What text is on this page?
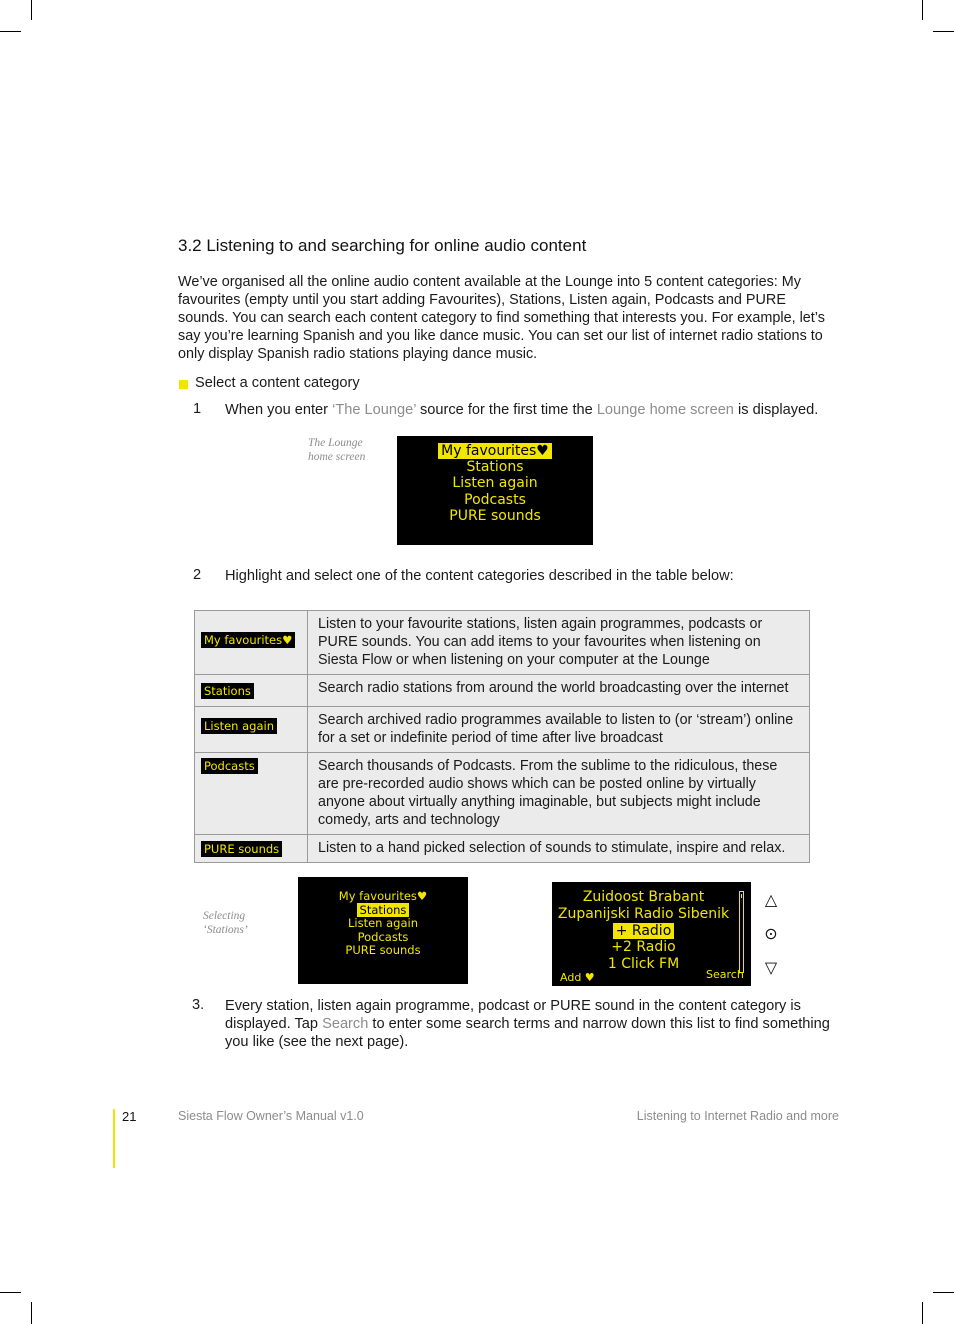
3.2 Listening to and searching for online audio content
We’ve organised all the online audio content available at the Lounge into 5 content categories: My favourites (empty until you start adding Favourites), Stations, Listen again, Podcasts and PURE sounds. You can search each content category to find something that interests you. For example, let’s say you’re learning Spanish and you like dance music. You can set our list of internet radio stations to only display Spanish radio stations playing dance music.
Select a content category
1 When you enter ‘The Lounge’ source for the first time the Lounge home screen is displayed.
The Lounge
home screen	My favourites♥
Stations
Listen again
Podcasts
PURE sounds
2 Highlight and select one of the content categories described in the table below:
My favourites♥	Listen to your favourite stations, listen again programmes, podcasts or PURE sounds. You can add items to your favourites when listening on Siesta Flow or when listening on your computer at the Lounge
Stations	Search radio stations from around the world broadcasting over the internet
Listen again	Search archived radio programmes available to listen to (or ‘stream’) online for a set or indefinite period of time after live broadcast
Podcasts	Search thousands of Podcasts. From the sublime to the ridiculous, these are pre-recorded audio shows which can be posted online by virtually anyone about virtually anything imaginable, but subjects might include comedy, arts and technology
PURE sounds	Listen to a hand picked selection of sounds to stimulate, inspire and relax.
Selecting
‘Stations’
My favourites♥
Stations
Listen again
Podcasts
PURE sounds
Zuidoost Brabant
Zupanijski Radio Sibenik
+ Radio
+2 Radio
1 Click FM
Add ♥	Search
△
⊙
▽
3. Every station, listen again programme, podcast or PURE sound in the content category is displayed. Tap Search to enter some search terms and narrow down this list to find something you like (see the next page).
21	Siesta Flow Owner’s Manual v1.0	Listening to Internet Radio and more
